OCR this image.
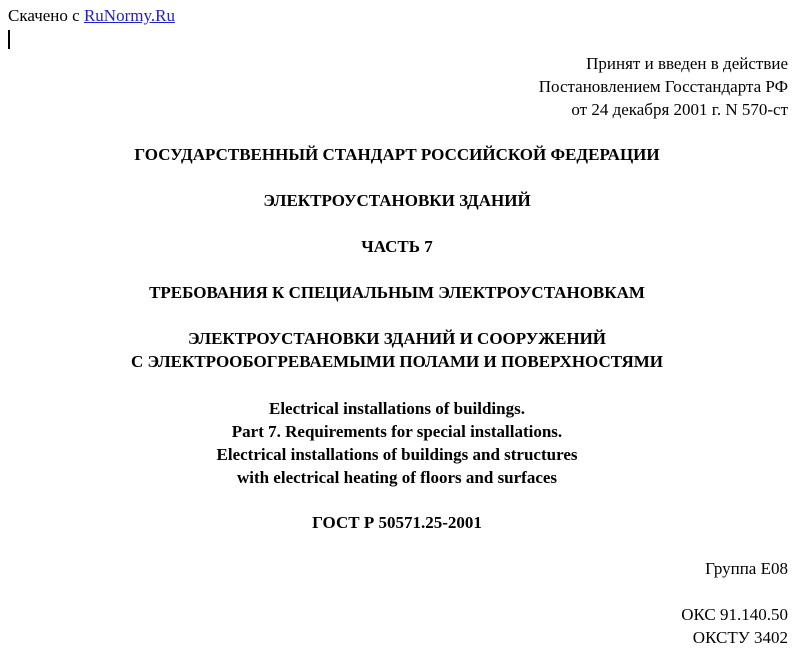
Скачено с RuNormy.Ru
Принят и введен в действие
Постановлением Госстандарта РФ
от 24 декабря 2001 г. N 570-ст
ГОСУДАРСТВЕННЫЙ СТАНДАРТ РОССИЙСКОЙ ФЕДЕРАЦИИ
ЭЛЕКТРОУСТАНОВКИ ЗДАНИЙ
ЧАСТЬ 7
ТРЕБОВАНИЯ К СПЕЦИАЛЬНЫМ ЭЛЕКТРОУСТАНОВКАМ
ЭЛЕКТРОУСТАНОВКИ ЗДАНИЙ И СООРУЖЕНИЙ
С ЭЛЕКТРООБОГРЕВАЕМЫМИ ПОЛАМИ И ПОВЕРХНОСТЯМИ
Electrical installations of buildings.
Part 7. Requirements for special installations.
Electrical installations of buildings and structures
with electrical heating of floors and surfaces
ГОСТ Р 50571.25-2001
Группа Е08
ОКС 91.140.50
ОКСТУ 3402
